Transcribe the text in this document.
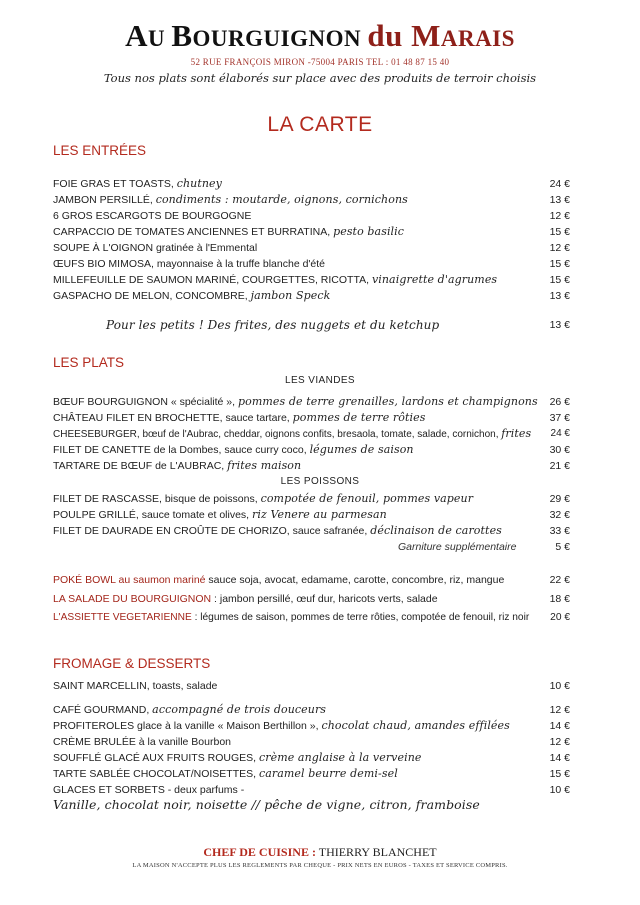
AU BOURGUIGNON du MARAIS
52 RUE FRANÇOIS MIRON -75004 PARIS TEL : 01 48 87 15 40
Tous nos plats sont élaborés sur place avec des produits de terroir choisis
LA CARTE
LES ENTRÉES
FOIE GRAS ET TOASTS, chutney	24 €
JAMBON PERSILLÉ, condiments : moutarde, oignons, cornichons	13 €
6 GROS ESCARGOTS DE BOURGOGNE	12 €
CARPACCIO DE TOMATES ANCIENNES ET BURRATINA, pesto basilic	15 €
SOUPE À L'OIGNON gratinée à l'Emmental	12 €
ŒUFS BIO MIMOSA, mayonnaise à la truffe blanche d'été	15 €
MILLEFEUILLE DE SAUMON MARINÉ, COURGETTES, RICOTTA, vinaigrette d'agrumes	15 €
GASPACHO DE MELON, CONCOMBRE, jambon Speck	13 €
Pour les petits ! Des frites, des nuggets et du ketchup	13 €
LES PLATS
LES VIANDES
BŒUF BOURGUIGNON « spécialité », pommes de terre grenailles, lardons et champignons 26 €
CHÂTEAU FILET EN BROCHETTE, sauce tartare, pommes de terre rôties	37 €
CHEESEBURGER, bœuf de l'Aubrac, cheddar, oignons confits, bresaola, tomate, salade, cornichon, frites 24 €
FILET DE CANETTE de la Dombes, sauce curry coco, légumes de saison	30 €
TARTARE DE BŒUF de L'AUBRAC, frites maison	21 €
LES POISSONS
FILET DE RASCASSE, bisque de poissons, compotée de fenouil, pommes vapeur	29 €
POULPE GRILLÉ, sauce tomate et olives, riz Venere au parmesan	32 €
FILET DE DAURADE EN CROÛTE DE CHORIZO, sauce safranée, déclinaison de carottes	33 €
Garniture supplémentaire	5 €
POKÉ BOWL au saumon mariné sauce soja, avocat, edamame, carotte, concombre, riz, mangue	22 €
LA SALADE DU BOURGUIGNON : jambon persillé, œuf dur, haricots verts, salade	18 €
L'ASSIETTE VEGETARIENNE : légumes de saison, pommes de terre rôties, compotée de fenouil, riz noir 20 €
FROMAGE & DESSERTS
SAINT MARCELLIN, toasts, salade	10 €
CAFÉ GOURMAND, accompagné de trois douceurs	12 €
PROFITEROLES glace à la vanille « Maison Berthillon », chocolat chaud, amandes effilées	14 €
CRÈME BRULÉE à la vanille Bourbon	12 €
SOUFFLÉ GLACÉ AUX FRUITS ROUGES, crème anglaise à la verveine	14 €
TARTE SABLÉE CHOCOLAT/NOISETTES, caramel beurre demi-sel	15 €
GLACES ET SORBETS - deux parfums -	10 €
Vanille, chocolat noir, noisette // pêche de vigne, citron, framboise
CHEF DE CUISINE : THIERRY BLANCHET
LA MAISON N'ACCEPTE PLUS LES REGLEMENTS PAR CHEQUE - PRIX NETS EN EUROS - TAXES ET SERVICE COMPRIS.
